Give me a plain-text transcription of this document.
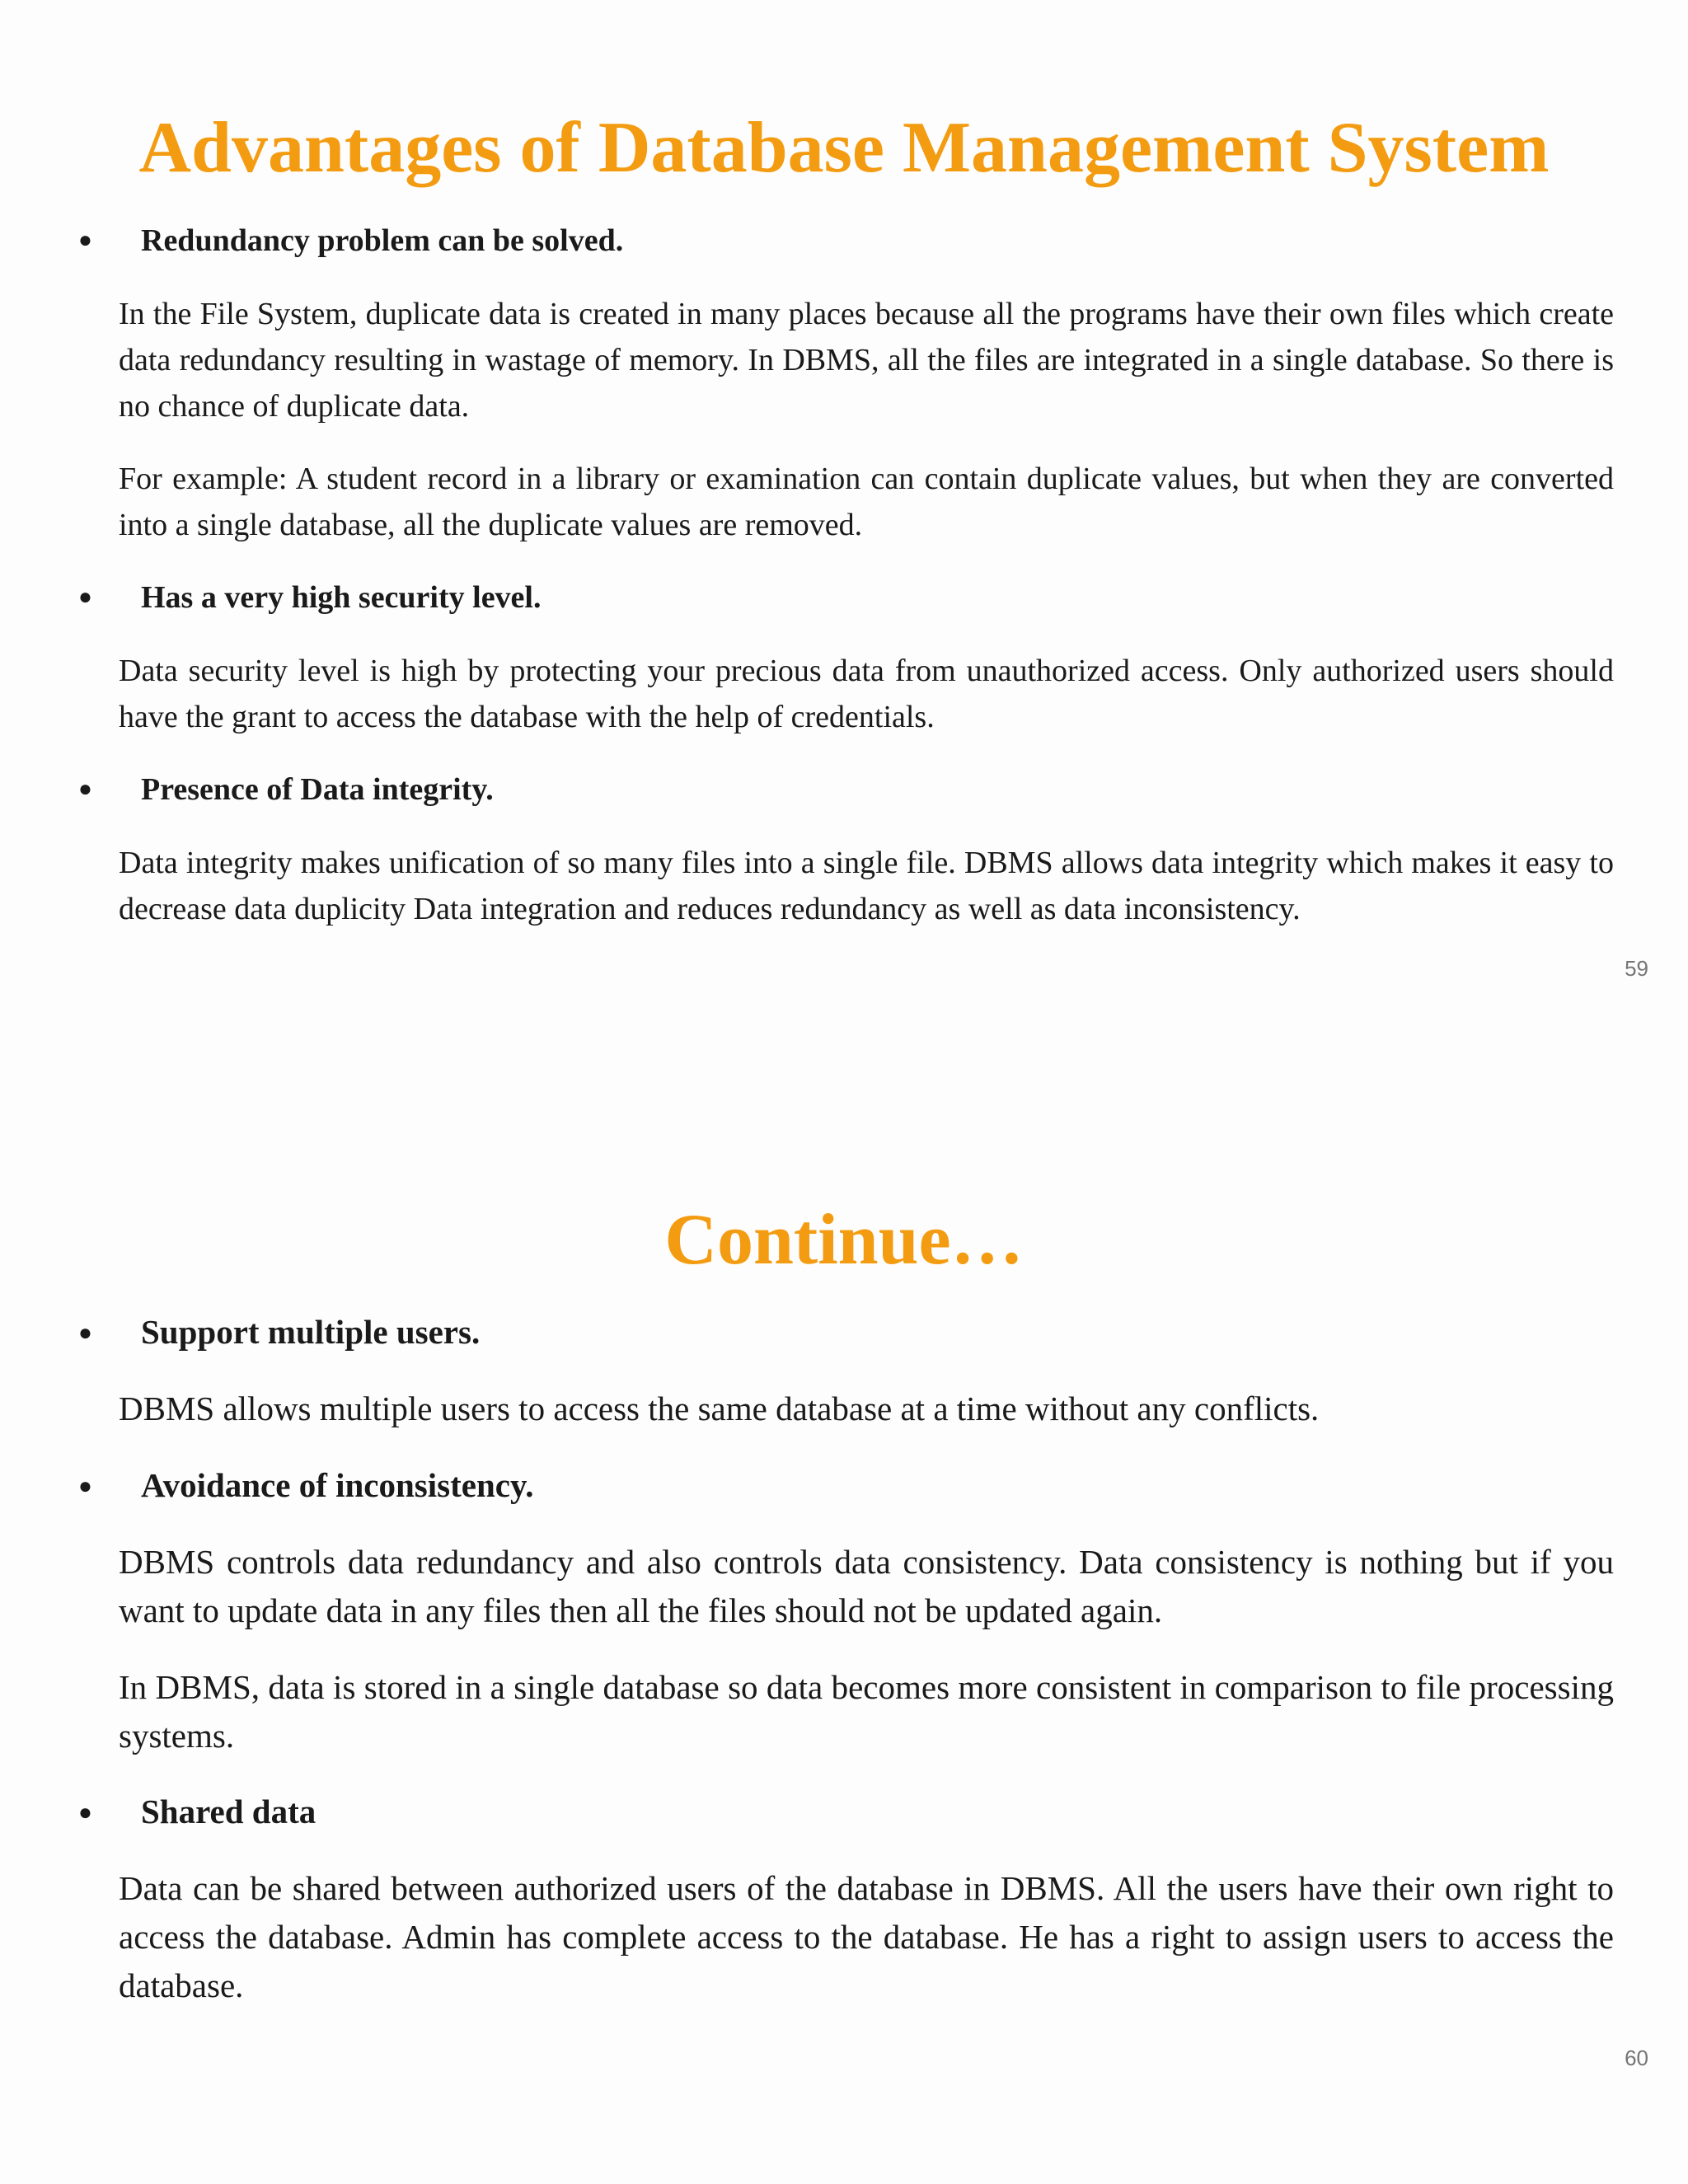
Advantages of Database Management System

●Redundancy problem can be solved.

In the File System, duplicate data is created in many places because all the programs have their own files which create data redundancy resulting in wastage of memory. In DBMS, all the files are integrated in a single database. So there is no chance of duplicate data.

For example: A student record in a library or examination can contain duplicate values, but when they are converted into a single database, all the duplicate values are removed.

●Has a very high security level.

Data security level is high by protecting your precious data from unauthorized access. Only authorized users should have the grant to access the database with the help of credentials.

●Presence of Data integrity.

Data integrity makes unification of so many files into a single file. DBMS allows data integrity which makes it easy to decrease data duplicity Data integration and reduces redundancy as well as data inconsistency.

59

Continue…

●Support multiple users.

DBMS allows multiple users to access the same database at a time without any conflicts.

●Avoidance of inconsistency.

DBMS controls data redundancy and also controls data consistency. Data consistency is nothing but if you want to update data in any files then all the files should not be updated again.

In DBMS, data is stored in a single database so data becomes more consistent in comparison to file processing systems.

●Shared data

Data can be shared between authorized users of the database in DBMS. All the users have their own right to access the database. Admin has complete access to the database. He has a right to assign users to access the database.

60
